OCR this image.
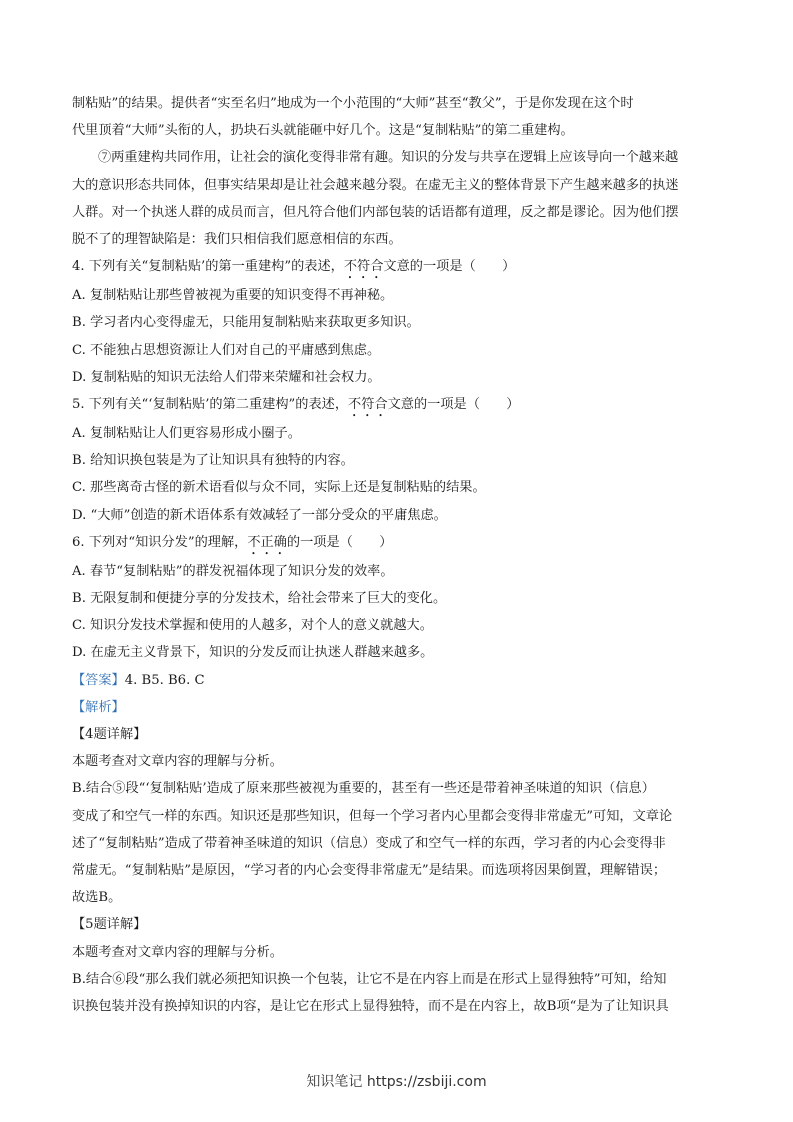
制粘贴”的结果。提供者“实至名归”地成为一个小范围的“大师”甚至“教父”，于是你发现在这个时

代里顶着“大师”头衔的人，扔块石头就能砸中好几个。这是“复制粘贴”的第二重建构。

⑦两重建构共同作用，让社会的演化变得非常有趣。知识的分发与共享在逻辑上应该导向一个越来越

大的意识形态共同体，但事实结果却是让社会越来越分裂。在虚无主义的整体背景下产生越来越多的执迷

人群。对一个执迷人群的成员而言，但凡符合他们内部包装的话语都有道理，反之都是谬论。因为他们摆

脱不了的理智缺陷是：我们只相信我们愿意相信的东西。

4. 下列有关“复制粘贴’的第一重建构”的表述，不符合文意的一项是（　　）

A. 复制粘贴让那些曾被视为重要的知识变得不再神秘。

B. 学习者内心变得虚无，只能用复制粘贴来获取更多知识。

C. 不能独占思想资源让人们对自己的平庸感到焦虑。

D. 复制粘贴的知识无法给人们带来荣耀和社会权力。

5. 下列有关“‘复制粘贴’的第二重建构”的表述，不符合文意的一项是（　　）

A. 复制粘贴让人们更容易形成小圈子。

B. 给知识换包装是为了让知识具有独特的内容。

C. 那些离奇古怪的新术语看似与众不同，实际上还是复制粘贴的结果。

D. “大师”创造的新术语体系有效减轻了一部分受众的平庸焦虑。

6. 下列对“知识分发”的理解，不正确的一项是（　　）

A. 春节“复制粘贴”的群发祝福体现了知识分发的效率。

B. 无限复制和便捷分享的分发技术，给社会带来了巨大的变化。

C. 知识分发技术掌握和使用的人越多，对个人的意义就越大。

D. 在虚无主义背景下，知识的分发反而让执迷人群越来越多。

【答案】4. B5. B6. C

【解析】

【4题详解】

本题考查对文章内容的理解与分析。

B.结合⑤段“‘复制粘贴’造成了原来那些被视为重要的，甚至有一些还是带着神圣味道的知识（信息）

变成了和空气一样的东西。知识还是那些知识，但每一个学习者内心里都会变得非常虚无”可知，文章论

述了“复制粘贴”造成了带着神圣味道的知识（信息）变成了和空气一样的东西，学习者的内心会变得非

常虚无。“复制粘贴”是原因，“学习者的内心会变得非常虚无”是结果。而选项将因果倒置，理解错误；

故选B。

【5题详解】

本题考查对文章内容的理解与分析。

B.结合⑥段“那么我们就必须把知识换一个包装，让它不是在内容上而是在形式上显得独特”可知，给知

识换包装并没有换掉知识的内容，是让它在形式上显得独特，而不是在内容上，故B项“是为了让知识具

知识笔记 https://zsbiji.com
